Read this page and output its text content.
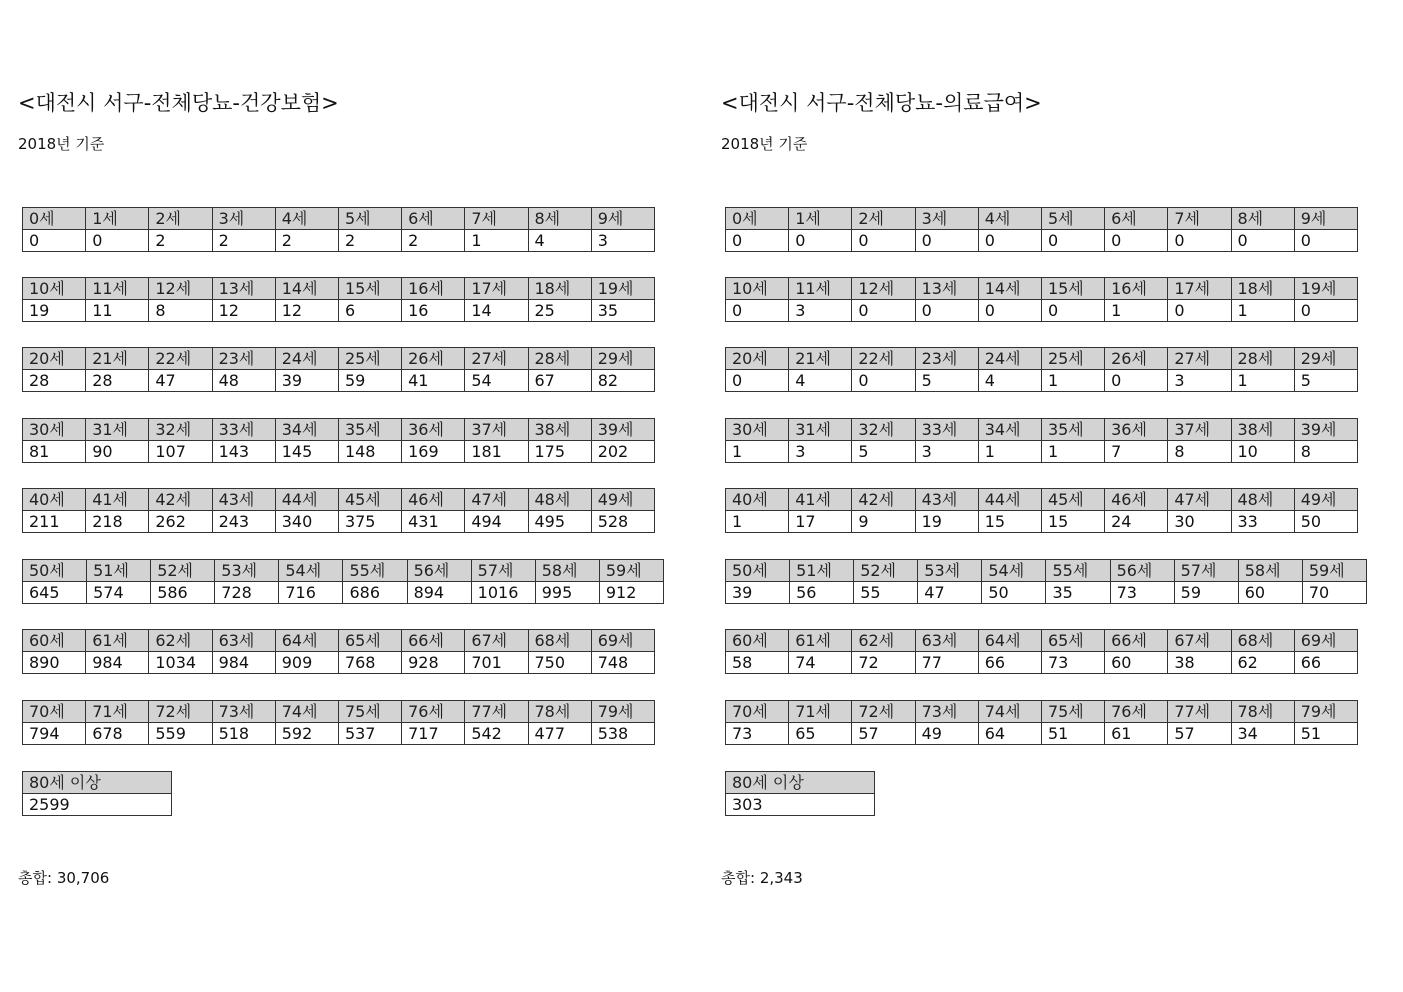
<대전시 서구-전체당뇨-건강보험>
2018년 기준
0세	1세	2세	3세	4세	5세	6세	7세	8세	9세
0	0	2	2	2	2	2	1	4	3
10세	11세	12세	13세	14세	15세	16세	17세	18세	19세
19	11	8	12	12	6	16	14	25	35
20세	21세	22세	23세	24세	25세	26세	27세	28세	29세
28	28	47	48	39	59	41	54	67	82
30세	31세	32세	33세	34세	35세	36세	37세	38세	39세
81	90	107	143	145	148	169	181	175	202
40세	41세	42세	43세	44세	45세	46세	47세	48세	49세
211	218	262	243	340	375	431	494	495	528
50세	51세	52세	53세	54세	55세	56세	57세	58세	59세
645	574	586	728	716	686	894	1016	995	912
60세	61세	62세	63세	64세	65세	66세	67세	68세	69세
890	984	1034	984	909	768	928	701	750	748
70세	71세	72세	73세	74세	75세	76세	77세	78세	79세
794	678	559	518	592	537	717	542	477	538
80세 이상
2599
총합: 30,706
<대전시 서구-전체당뇨-의료급여>
2018년 기준
0세	1세	2세	3세	4세	5세	6세	7세	8세	9세
0	0	0	0	0	0	0	0	0	0
10세	11세	12세	13세	14세	15세	16세	17세	18세	19세
0	3	0	0	0	0	1	0	1	0
20세	21세	22세	23세	24세	25세	26세	27세	28세	29세
0	4	0	5	4	1	0	3	1	5
30세	31세	32세	33세	34세	35세	36세	37세	38세	39세
1	3	5	3	1	1	7	8	10	8
40세	41세	42세	43세	44세	45세	46세	47세	48세	49세
1	17	9	19	15	15	24	30	33	50
50세	51세	52세	53세	54세	55세	56세	57세	58세	59세
39	56	55	47	50	35	73	59	60	70
60세	61세	62세	63세	64세	65세	66세	67세	68세	69세
58	74	72	77	66	73	60	38	62	66
70세	71세	72세	73세	74세	75세	76세	77세	78세	79세
73	65	57	49	64	51	61	57	34	51
80세 이상
303
총합: 2,343
